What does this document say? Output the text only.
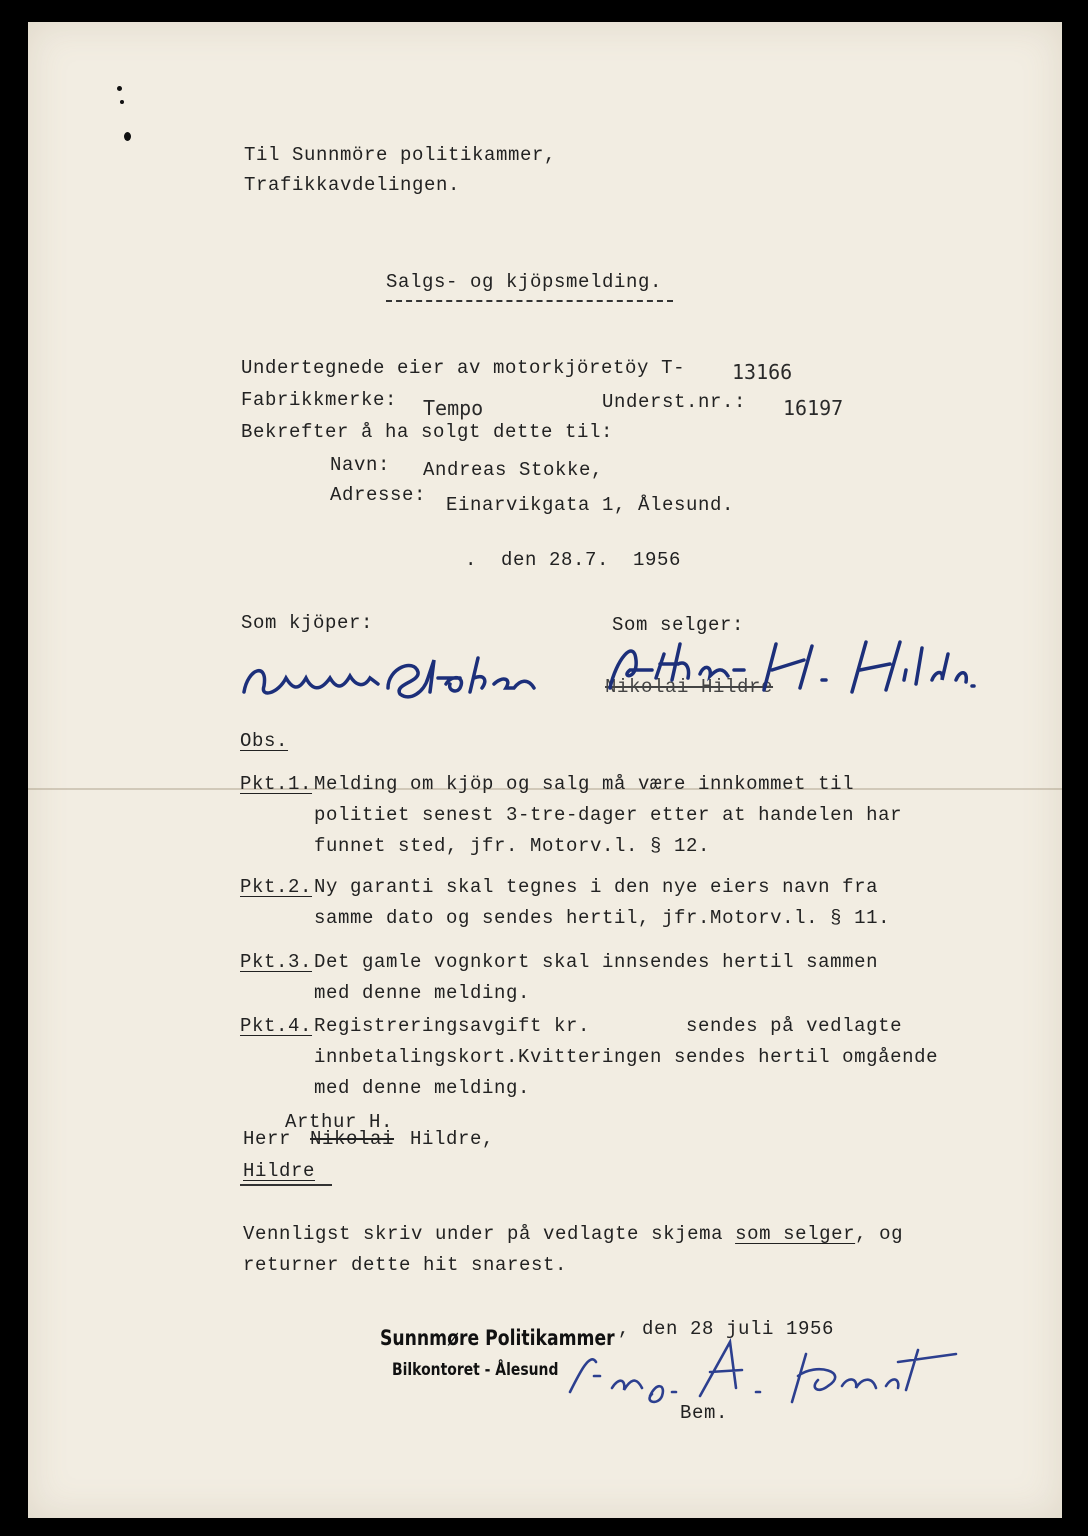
Til Sunnmöre politikammer,
Trafikkavdelingen.
Salgs- og kjöpsmelding.
Undertegnede eier av motorkjöretöy T- 13166
Fabrikkmerke: Tempo	Underst.nr.: 16197
Bekrefter å ha solgt dette til:
Navn: Andreas Stokke,
Adresse: Einarvikgata 1, Ålesund.
.  den 28.7.  1956
Som kjöper:	Som selger:
Nikolai Hildre
Obs.
Pkt.1. Melding om kjöp og salg må være innkommet til
politiet senest 3-tre-dager etter at handelen har
funnet sted, jfr. Motorv.l. § 12.
Pkt.2. Ny garanti skal tegnes i den nye eiers navn fra
samme dato og sendes hertil, jfr.Motorv.l. § 11.
Pkt.3. Det gamle vognkort skal innsendes hertil sammen
med denne melding.
Pkt.4. Registreringsavgift kr.        sendes på vedlagte
innbetalingskort.Kvitteringen sendes hertil omgående
med denne melding.
Arthur H.
Herr Nikolai Hildre,
Hildre
Vennligst skriv under på vedlagte skjema som selger, og
returner dette hit snarest.
Sunnmøre Politikammer
Bilkontoret - Ålesund
, den 28 juli 1956
Bem.
